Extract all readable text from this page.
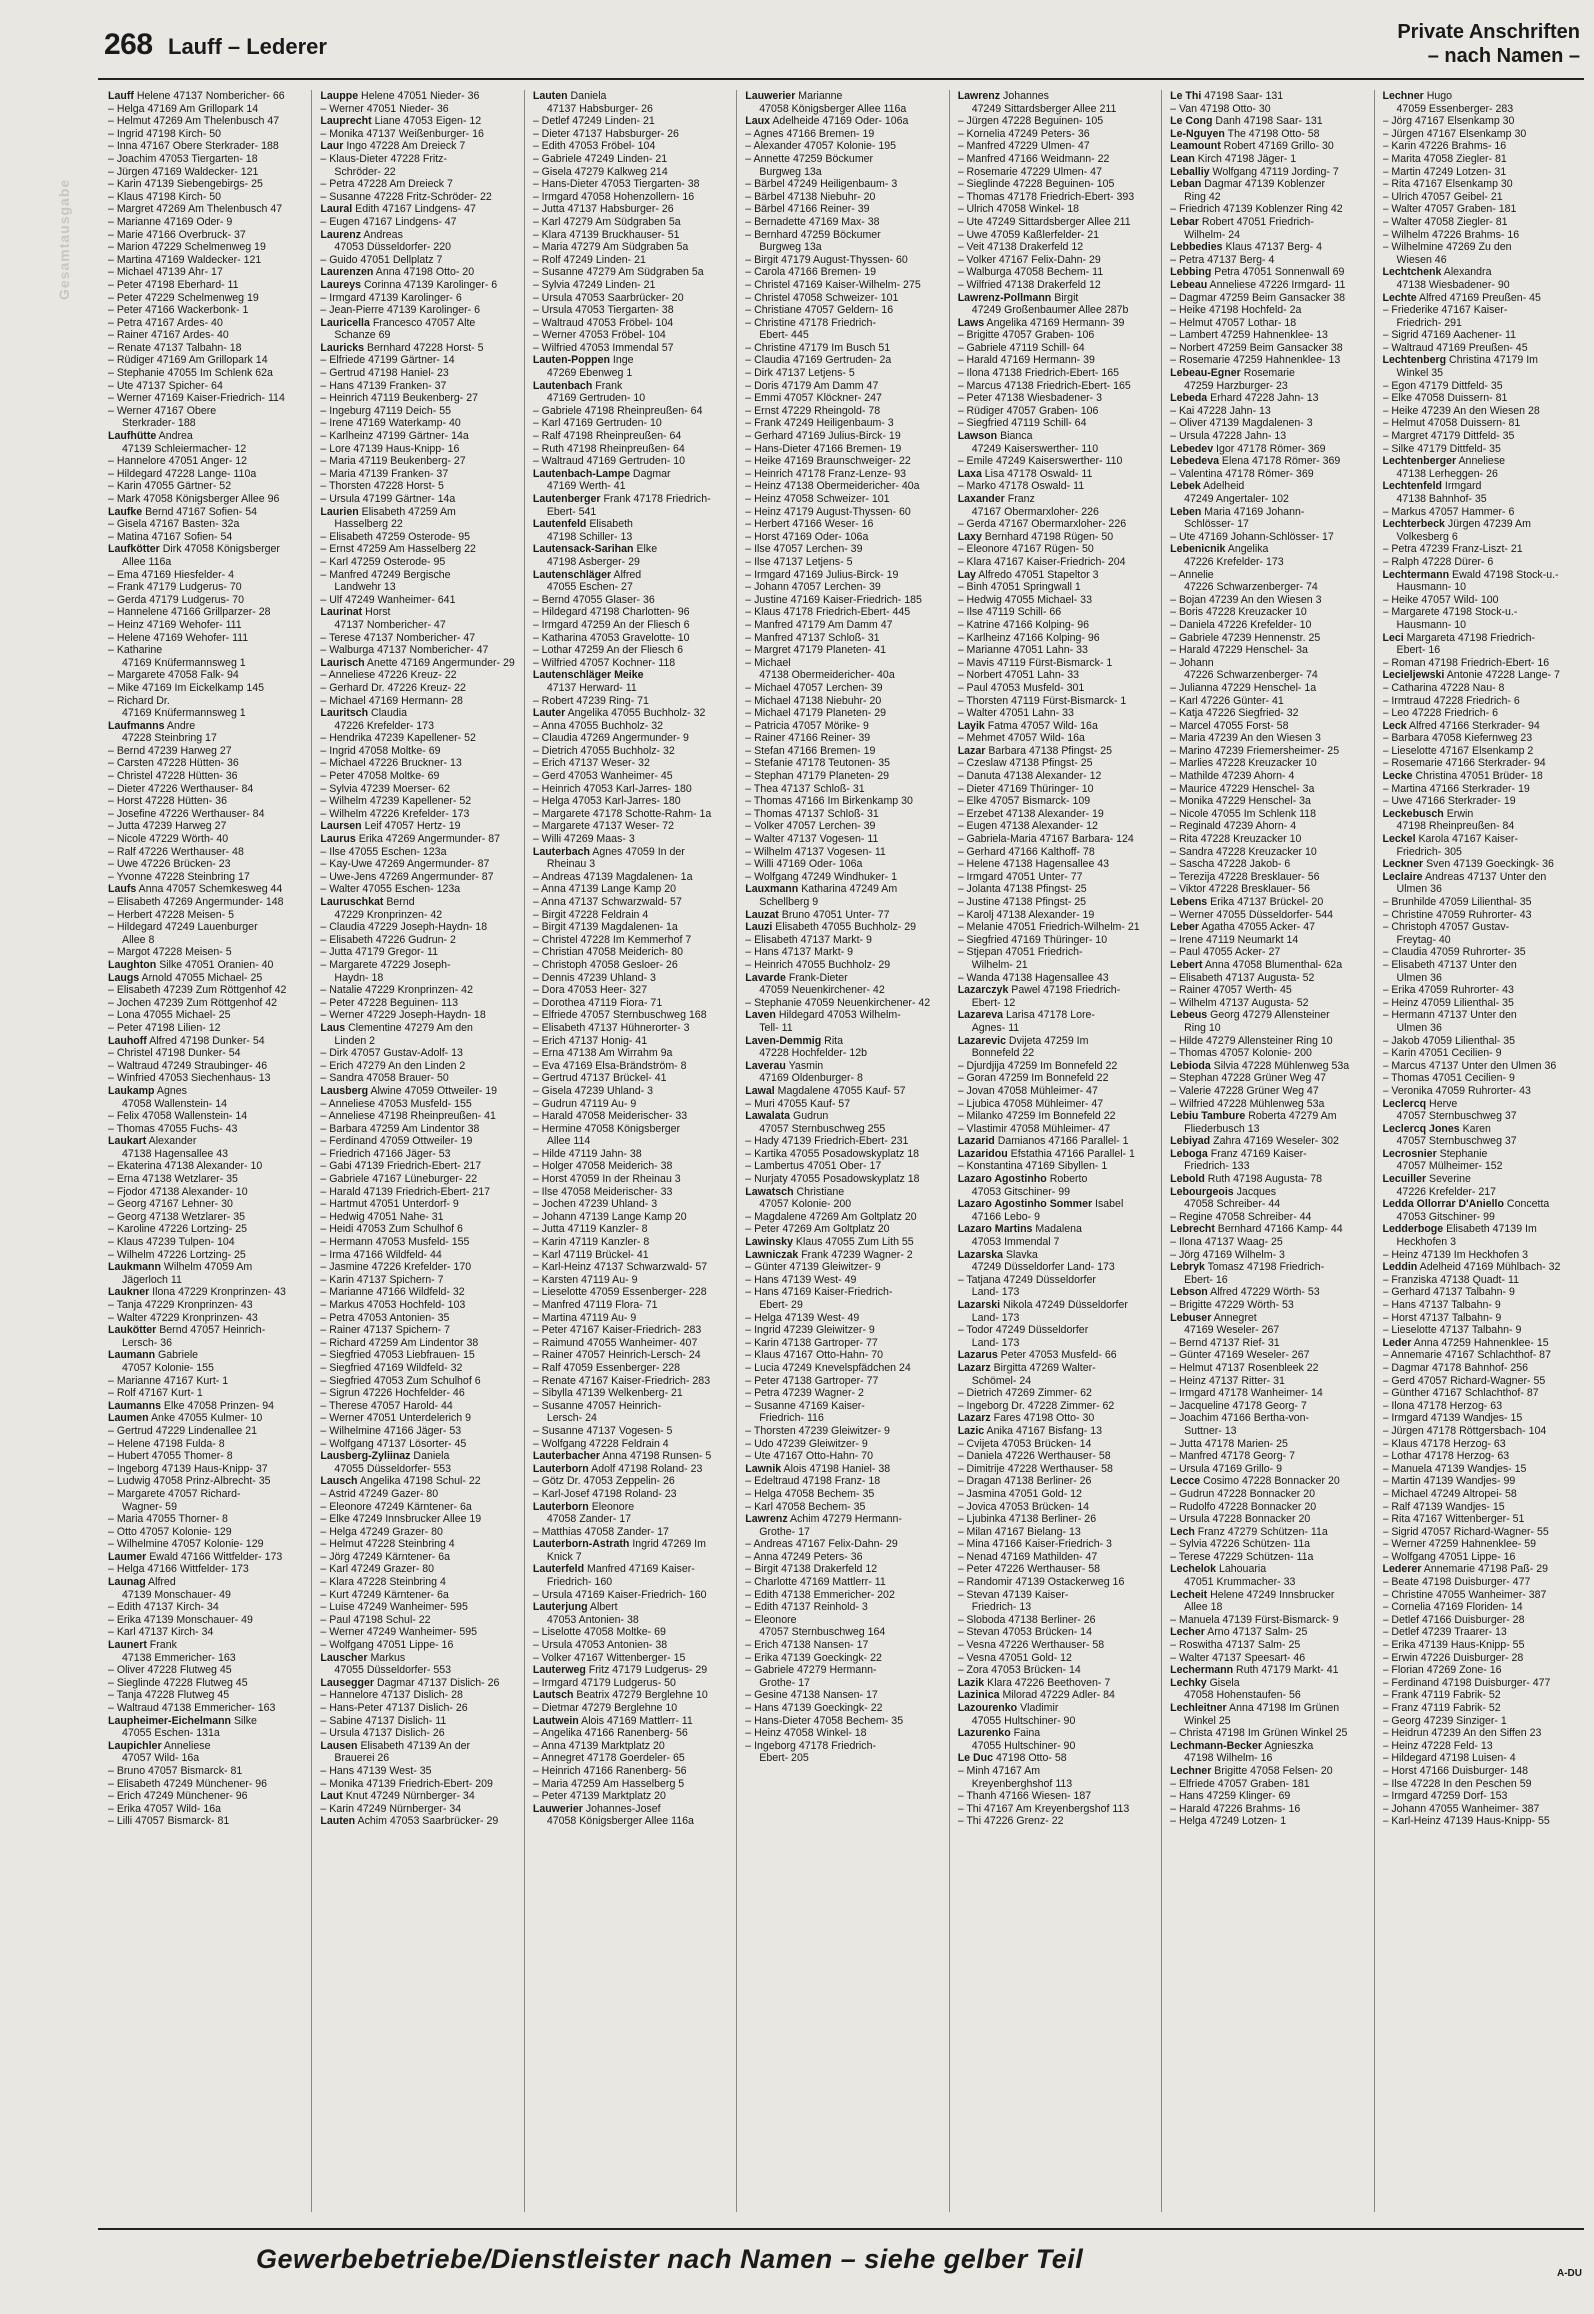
268 Lauff – Lederer
Private Anschriften
– nach Namen –
Gesamtausgabe
Lauff Helene 47137 Nombericher- 66
– Helga 47169 Am Grillopark 14
– Helmut 47269 Am Thelenbusch 47
– Ingrid 47198 Kirch- 50
– Inna 47167 Obere Sterkrader- 188
– Joachim 47053 Tiergarten- 18
– Jürgen 47169 Waldecker- 121
– Karin 47139 Siebengebirgs- 25
– Klaus 47198 Kirch- 50
– Margret 47269 Am Thelenbusch 47
– Marianne 47169 Oder- 9
– Marie 47166 Overbruck- 37
– Marion 47229 Schelmenweg 19
– Martina 47169 Waldecker- 121
– Michael 47139 Ahr- 17
– Peter 47198 Eberhard- 11
– Peter 47229 Schelmenweg 19
– Peter 47166 Wackerbonk- 1
– Petra 47167 Ardes- 40
– Rainer 47167 Ardes- 40
– Renate 47137 Talbahn- 18
– Rüdiger 47169 Am Grillopark 14
– Stephanie 47055 Im Schlenk 62a
– Ute 47137 Spicher- 64
– Werner 47169 Kaiser-Friedrich- 114
– Werner 47167 Obere
Sterkrader- 188
Laufhütte Andrea
47139 Schleiermacher- 12
– Hannelore 47051 Anger- 12
– Hildegard 47228 Lange- 110a
– Karin 47055 Gärtner- 52
– Mark 47058 Königsberger Allee 96
Laufke Bernd 47167 Sofien- 54
– Gisela 47167 Basten- 32a
– Matina 47167 Sofien- 54
Laufkötter Dirk 47058 Königsberger
Allee 116a
– Ema 47169 Hiesfelder- 4
– Frank 47179 Ludgerus- 70
– Gerda 47179 Ludgerus- 70
– Hannelene 47166 Grillparzer- 28
– Heinz 47169 Wehofer- 111
– Helene 47169 Wehofer- 111
– Katharine
47169 Knüfermannsweg 1
– Margarete 47058 Falk- 94
– Mike 47169 Im Eickelkamp 145
– Richard Dr.
47169 Knüfermannsweg 1
Laufmanns Andre
47228 Steinbring 17
– Bernd 47239 Harweg 27
– Carsten 47228 Hütten- 36
– Christel 47228 Hütten- 36
– Dieter 47226 Werthauser- 84
– Horst 47228 Hütten- 36
– Josefine 47226 Werthauser- 84
– Jutta 47239 Harweg 27
– Nicole 47229 Wörth- 40
– Ralf 47226 Werthauser- 48
– Uwe 47226 Brücken- 23
– Yvonne 47228 Steinbring 17
Laufs Anna 47057 Schemkesweg 44
– Elisabeth 47269 Angermunder- 148
– Herbert 47228 Meisen- 5
– Hildegard 47249 Lauenburger
Allee 8
– Margot 47228 Meisen- 5
Laughton Silke 47051 Oranien- 40
Laugs Arnold 47055 Michael- 25
– Elisabeth 47239 Zum Röttgenhof 42
– Jochen 47239 Zum Röttgenhof 42
– Lona 47055 Michael- 25
– Peter 47198 Lilien- 12
Lauhoff Alfred 47198 Dunker- 54
– Christel 47198 Dunker- 54
– Waltraud 47249 Straubinger- 46
– Winfried 47053 Siechenhaus- 13
Laukamp Agnes
47058 Wallenstein- 14
– Felix 47058 Wallenstein- 14
– Thomas 47055 Fuchs- 43
Laukart Alexander
47138 Hagensallee 43
– Ekaterina 47138 Alexander- 10
– Erna 47138 Wetzlarer- 35
– Fjodor 47138 Alexander- 10
– Georg 47167 Lehner- 30
– Georg 47138 Wetzlarer- 35
– Karoline 47226 Lortzing- 25
– Klaus 47239 Tulpen- 104
– Wilhelm 47226 Lortzing- 25
Laukmann Wilhelm 47059 Am
Jägerloch 11
Laukner Ilona 47229 Kronprinzen- 43
– Tanja 47229 Kronprinzen- 43
– Walter 47229 Kronprinzen- 43
Laukötter Bernd 47057 Heinrich-
Lersch- 36
Laumann Gabriele
47057 Kolonie- 155
– Marianne 47167 Kurt- 1
– Rolf 47167 Kurt- 1
Laumanns Elke 47058 Prinzen- 94
Laumen Anke 47055 Kulmer- 10
– Gertrud 47229 Lindenallee 21
– Helene 47198 Fulda- 8
– Hubert 47055 Thomer- 8
– Ingeborg 47139 Haus-Knipp- 37
– Ludwig 47058 Prinz-Albrecht- 35
– Margarete 47057 Richard-
Wagner- 59
– Maria 47055 Thorner- 8
– Otto 47057 Kolonie- 129
– Wilhelmine 47057 Kolonie- 129
Laumer Ewald 47166 Wittfelder- 173
– Helga 47166 Wittfelder- 173
Launag Alfred
47139 Monschauer- 49
– Edith 47137 Kirch- 34
– Erika 47139 Monschauer- 49
– Karl 47137 Kirch- 34
Launert Frank
47138 Emmericher- 163
– Oliver 47228 Flutweg 45
– Sieglinde 47228 Flutweg 45
– Tanja 47228 Flutweg 45
– Waltraud 47138 Emmericher- 163
Laupheimer-Eichelmann Silke
47055 Eschen- 131a
Laupichler Anneliese
47057 Wild- 16a
– Bruno 47057 Bismarck- 81
– Elisabeth 47249 Münchener- 96
– Erich 47249 Münchener- 96
– Erika 47057 Wild- 16a
– Lilli 47057 Bismarck- 81
Lauppe Helene 47051 Nieder- 36
– Werner 47051 Nieder- 36
Lauprecht Liane 47053 Eigen- 12
– Monika 47137 Weißenburger- 16
Laur Ingo 47228 Am Dreieck 7
– Klaus-Dieter 47228 Fritz-
Schröder- 22
– Petra 47228 Am Dreieck 7
– Susanne 47228 Fritz-Schröder- 22
Laural Edith 47167 Lindgens- 47
– Eugen 47167 Lindgens- 47
Laurenz Andreas
47053 Düsseldorfer- 220
– Guido 47051 Dellplatz 7
Laurenzen Anna 47198 Otto- 20
Laureys Corinna 47139 Karolinger- 6
– Irmgard 47139 Karolinger- 6
– Jean-Pierre 47139 Karolinger- 6
Lauricella Francesco 47057 Alte
Schanze 69
Lauricks Bernhard 47228 Horst- 5
– Elfriede 47199 Gärtner- 14
– Gertrud 47198 Haniel- 23
– Hans 47139 Franken- 37
– Heinrich 47119 Beukenberg- 27
– Ingeburg 47119 Deich- 55
– Irene 47169 Waterkamp- 40
– Karlheinz 47199 Gärtner- 14a
– Lore 47139 Haus-Knipp- 16
– Maria 47119 Beukenberg- 27
– Maria 47139 Franken- 37
– Thorsten 47228 Horst- 5
– Ursula 47199 Gärtner- 14a
Laurien Elisabeth 47259 Am
Hasselberg 22
– Elisabeth 47259 Osterode- 95
– Ernst 47259 Am Hasselberg 22
– Karl 47259 Osterode- 95
– Manfred 47249 Bergische
Landwehr 13
– Ulf 47249 Wanheimer- 641
Laurinat Horst
47137 Nombericher- 47
– Terese 47137 Nombericher- 47
– Walburga 47137 Nombericher- 47
Laurisch Anette 47169 Angermunder- 29
– Anneliese 47226 Kreuz- 22
– Gerhard Dr. 47226 Kreuz- 22
– Michael 47169 Hermann- 28
Lauritsch Claudia
47226 Krefelder- 173
– Hendrika 47239 Kapellener- 52
– Ingrid 47058 Moltke- 69
– Michael 47226 Bruckner- 13
– Peter 47058 Moltke- 69
– Sylvia 47239 Moerser- 62
– Wilhelm 47239 Kapellener- 52
– Wilhelm 47226 Krefelder- 173
Laursen Leif 47057 Hertz- 19
Laurus Erika 47269 Angermunder- 87
– Ilse 47055 Eschen- 123a
– Kay-Uwe 47269 Angermunder- 87
– Uwe-Jens 47269 Angermunder- 87
– Walter 47055 Eschen- 123a
Lauruschkat Bernd
47229 Kronprinzen- 42
– Claudia 47229 Joseph-Haydn- 18
– Elisabeth 47226 Gudrun- 2
– Jutta 47179 Gregor- 11
– Margarete 47229 Joseph-
Haydn- 18
– Natalie 47229 Kronprinzen- 42
– Peter 47228 Beguinen- 113
– Werner 47229 Joseph-Haydn- 18
Laus Clementine 47279 Am den
Linden 2
– Dirk 47057 Gustav-Adolf- 13
– Erich 47279 An den Linden 2
– Sandra 47058 Brauer- 50
Lausberg Alwine 47059 Ottweiler- 19
– Anneliese 47053 Musfeld- 155
– Anneliese 47198 Rheinpreußen- 41
– Barbara 47259 Am Lindentor 38
– Ferdinand 47059 Ottweiler- 19
– Friedrich 47166 Jäger- 53
– Gabi 47139 Friedrich-Ebert- 217
– Gabriele 47167 Lüneburger- 22
– Harald 47139 Friedrich-Ebert- 217
– Hartmut 47051 Unterdorf- 9
– Hedwig 47051 Nahe- 31
– Heidi 47053 Zum Schulhof 6
– Hermann 47053 Musfeld- 155
– Irma 47166 Wildfeld- 44
– Jasmine 47226 Krefelder- 170
– Karin 47137 Spichern- 7
– Marianne 47166 Wildfeld- 32
– Markus 47053 Hochfeld- 103
– Petra 47053 Antonien- 35
– Rainer 47137 Spichern- 7
– Richard 47259 Am Lindentor 38
– Siegfried 47053 Liebfrauen- 15
– Siegfried 47169 Wildfeld- 32
– Siegfried 47053 Zum Schulhof 6
– Sigrun 47226 Hochfelder- 46
– Therese 47057 Harold- 44
– Werner 47051 Unterdelerich 9
– Wilhelmine 47166 Jäger- 53
– Wolfgang 47137 Lösorter- 45
Lausberg-Zyliinaz Daniela
47055 Düsseldorfer- 553
Lausch Angelika 47198 Schul- 22
– Astrid 47249 Gazer- 80
– Eleonore 47249 Kärntener- 6a
– Elke 47249 Innsbrucker Allee 19
– Helga 47249 Grazer- 80
– Helmut 47228 Steinbring 4
– Jörg 47249 Kärntener- 6a
– Karl 47249 Grazer- 80
– Klara 47228 Steinbring 4
– Kurt 47249 Kärntener- 6a
– Luise 47249 Wanheimer- 595
– Paul 47198 Schul- 22
– Werner 47249 Wanheimer- 595
– Wolfgang 47051 Lippe- 16
Lauscher Markus
47055 Düsseldorfer- 553
Lausegger Dagmar 47137 Dislich- 26
– Hannelore 47137 Dislich- 28
– Hans-Peter 47137 Dislich- 26
– Sabine 47137 Dislich- 11
– Ursula 47137 Dislich- 26
Lausen Elisabeth 47139 An der
Brauerei 26
– Hans 47139 West- 35
– Monika 47139 Friedrich-Ebert- 209
Laut Knut 47249 Nürnberger- 34
– Karin 47249 Nürnberger- 34
Lauten Achim 47053 Saarbrücker- 29
Lauten Daniela
47137 Habsburger- 26
– Detlef 47249 Linden- 21
– Dieter 47137 Habsburger- 26
– Edith 47053 Fröbel- 104
– Gabriele 47249 Linden- 21
– Gisela 47279 Kalkweg 214
– Hans-Dieter 47053 Tiergarten- 38
– Irmgard 47058 Hohenzollern- 16
– Jutta 47137 Habsburger- 26
– Karl 47279 Am Südgraben 5a
– Klara 47139 Bruckhauser- 51
– Maria 47279 Am Südgraben 5a
– Rolf 47249 Linden- 21
– Susanne 47279 Am Südgraben 5a
– Sylvia 47249 Linden- 21
– Ursula 47053 Saarbrücker- 20
– Ursula 47053 Tiergarten- 38
– Waltraud 47053 Fröbel- 104
– Werner 47053 Fröbel- 104
– Wilfried 47053 Immendal 57
Lauten-Poppen Inge
47269 Ebenweg 1
Lautenbach Frank
47169 Gertruden- 10
– Gabriele 47198 Rheinpreußen- 64
– Karl 47169 Gertruden- 10
– Ralf 47198 Rheinpreußen- 64
– Ruth 47198 Rheinpreußen- 64
– Waltraud 47169 Gertruden- 10
Lautenbach-Lampe Dagmar
47169 Werth- 41
Lautenberger Frank 47178 Friedrich-
Ebert- 541
Lautenfeld Elisabeth
47198 Schiller- 13
Lautensack-Sarihan Elke
47198 Asberger- 29
Lautenschläger Alfred
47055 Eschen- 27
– Bernd 47055 Glaser- 36
– Hildegard 47198 Charlotten- 96
– Irmgard 47259 An der Fliesch 6
– Katharina 47053 Gravelotte- 10
– Lothar 47259 An der Fliesch 6
– Wilfried 47057 Kochner- 118
Lautenschläger Meike
47137 Herward- 11
– Robert 47239 Ring- 71
Lauter Angelika 47055 Buchholz- 32
– Anna 47055 Buchholz- 32
– Claudia 47269 Angermunder- 9
– Dietrich 47055 Buchholz- 32
– Erich 47137 Weser- 32
– Gerd 47053 Wanheimer- 45
– Heinrich 47053 Karl-Jarres- 180
– Helga 47053 Karl-Jarres- 180
– Margarete 47178 Schotte-Rahm- 1a
– Margarete 47137 Weser- 72
– Willi 47269 Maas- 3
Lauterbach Agnes 47059 In der
Rheinau 3
– Andreas 47139 Magdalenen- 1a
– Anna 47139 Lange Kamp 20
– Anna 47137 Schwarzwald- 57
– Birgit 47228 Feldrain 4
– Birgit 47139 Magdalenen- 1a
– Christel 47228 Im Kemmerhof 7
– Christian 47058 Meiderich- 80
– Christoph 47058 Gesloer- 26
– Dennis 47239 Uhland- 3
– Dora 47053 Heer- 327
– Dorothea 47119 Fiora- 71
– Elfriede 47057 Sternbuschweg 168
– Elisabeth 47137 Hühnerorter- 3
– Erich 47137 Honig- 41
– Erna 47138 Am Wirrahm 9a
– Eva 47169 Elsa-Brändström- 8
– Gertrud 47137 Brückel- 41
– Gisela 47239 Uhland- 3
– Gudrun 47119 Au- 9
– Harald 47058 Meiderischer- 33
– Hermine 47058 Königsberger
Allee 114
– Hilde 47119 Jahn- 38
– Holger 47058 Meiderich- 38
– Horst 47059 In der Rheinau 3
– Ilse 47058 Meiderischer- 33
– Jochen 47239 Uhland- 3
– Johann 47139 Lange Kamp 20
– Jutta 47119 Kanzler- 8
– Karin 47119 Kanzler- 8
– Karl 47119 Brückel- 41
– Karl-Heinz 47137 Schwarzwald- 57
– Karsten 47119 Au- 9
– Lieselotte 47059 Essenberger- 228
– Manfred 47119 Flora- 71
– Martina 47119 Au- 9
– Peter 47167 Kaiser-Friedrich- 283
– Raimund 47055 Wanheimer- 407
– Rainer 47057 Heinrich-Lersch- 24
– Ralf 47059 Essenberger- 228
– Renate 47167 Kaiser-Friedrich- 283
– Sibylla 47139 Welkenberg- 21
– Susanne 47057 Heinrich-
Lersch- 24
– Susanne 47137 Vogesen- 5
– Wolfgang 47228 Feldrain 4
Lauterbacher Anna 47198 Runsen- 5
Lauterborn Adolf 47198 Roland- 23
– Götz Dr. 47053 Zeppelin- 26
– Karl-Josef 47198 Roland- 23
Lauterborn Eleonore
47058 Zander- 17
– Matthias 47058 Zander- 17
Lauterborn-Astrath Ingrid 47269 Im
Knick 7
Lauterfeld Manfred 47169 Kaiser-
Friedrich- 160
– Ursula 47169 Kaiser-Friedrich- 160
Lauterjung Albert
47053 Antonien- 38
– Liselotte 47058 Moltke- 69
– Ursula 47053 Antonien- 38
– Volker 47167 Wittenberger- 15
Lauterweg Fritz 47179 Ludgerus- 29
– Irmgard 47179 Ludgerus- 50
Lautsch Beatrix 47279 Berglehne 10
– Dietmar 47279 Berglehne 10
Lautwein Alois 47169 Mattlerr- 11
– Angelika 47166 Ranenberg- 56
– Anna 47139 Marktplatz 20
– Annegret 47178 Goerdeler- 65
– Heinrich 47166 Ranenberg- 56
– Maria 47259 Am Hasselberg 5
– Peter 47139 Marktplatz 20
Lauwerier Johannes-Josef
47058 Königsberger Allee 116a
Lauwerier Marianne
47058 Königsberger Allee 116a
Laux Adelheide 47169 Oder- 106a
– Agnes 47166 Bremen- 19
– Alexander 47057 Kolonie- 195
– Annette 47259 Böckumer
Burgweg 13a
– Bärbel 47249 Heiligenbaum- 3
– Bärbel 47138 Niebuhr- 20
– Bärbel 47166 Reiner- 39
– Bernadette 47169 Max- 38
– Bernhard 47259 Böckumer
Burgweg 13a
– Birgit 47179 August-Thyssen- 60
– Carola 47166 Bremen- 19
– Christel 47169 Kaiser-Wilhelm- 275
– Christel 47058 Schweizer- 101
– Christiane 47057 Geldern- 16
– Christine 47178 Friedrich-
Ebert- 445
– Christine 47179 Im Busch 51
– Claudia 47169 Gertruden- 2a
– Dirk 47137 Letjens- 5
– Doris 47179 Am Damm 47
– Emmi 47057 Klöckner- 247
– Ernst 47229 Rheingold- 78
– Frank 47249 Heiligenbaum- 3
– Gerhard 47169 Julius-Birck- 19
– Hans-Dieter 47166 Bremen- 19
– Heike 47169 Braunschweiger- 22
– Heinrich 47178 Franz-Lenze- 93
– Heinz 47138 Obermeidericher- 40a
– Heinz 47058 Schweizer- 101
– Heinz 47179 August-Thyssen- 60
– Herbert 47166 Weser- 16
– Horst 47169 Oder- 106a
– Ilse 47057 Lerchen- 39
– Ilse 47137 Letjens- 5
– Irmgard 47169 Julius-Birck- 19
– Johann 47057 Lerchen- 39
– Justine 47169 Kaiser-Friedrich- 185
– Klaus 47178 Friedrich-Ebert- 445
– Manfred 47179 Am Damm 47
– Manfred 47137 Schloß- 31
– Margret 47179 Planeten- 41
– Michael
47138 Obermeidericher- 40a
– Michael 47057 Lerchen- 39
– Michael 47138 Niebuhr- 20
– Michael 47179 Planeten- 29
– Patricia 47057 Mörike- 9
– Rainer 47166 Reiner- 39
– Stefan 47166 Bremen- 19
– Stefanie 47178 Teutonen- 35
– Stephan 47179 Planeten- 29
– Thea 47137 Schloß- 31
– Thomas 47166 Im Birkenkamp 30
– Thomas 47137 Schloß- 31
– Volker 47057 Lerchen- 39
– Walter 47137 Vogesen- 11
– Wilhelm 47137 Vogesen- 11
– Willi 47169 Oder- 106a
– Wolfgang 47249 Windhuker- 1
Lauxmann Katharina 47249 Am
Schellberg 9
Lauzat Bruno 47051 Unter- 77
Lauzi Elisabeth 47055 Buchholz- 29
– Elisabeth 47137 Markt- 9
– Hans 47137 Markt- 9
– Heinrich 47055 Buchholz- 29
Lavarde Frank-Dieter
47059 Neuenkirchener- 42
– Stephanie 47059 Neuenkirchener- 42
Laven Hildegard 47053 Wilhelm-
Tell- 11
Laven-Demmig Rita
47228 Hochfelder- 12b
Laverau Yasmin
47169 Oldenburger- 8
Lawal Magdalene 47055 Kauf- 57
– Muri 47055 Kauf- 57
Lawalata Gudrun
47057 Sternbuschweg 255
– Hady 47139 Friedrich-Ebert- 231
– Kartika 47055 Posadowskyplatz 18
– Lambertus 47051 Ober- 17
– Nurjaty 47055 Posadowskyplatz 18
Lawatsch Christiane
47057 Kolonie- 200
– Magdalene 47269 Am Goltplatz 20
– Peter 47269 Am Goltplatz 20
Lawinsky Klaus 47055 Zum Lith 55
Lawniczak Frank 47239 Wagner- 2
– Günter 47139 Gleiwitzer- 9
– Hans 47139 West- 49
– Hans 47169 Kaiser-Friedrich-
Ebert- 29
– Helga 47139 West- 49
– Ingrid 47239 Gleiwitzer- 9
– Karin 47138 Gartroper- 77
– Klaus 47167 Otto-Hahn- 70
– Lucia 47249 Knevelspfädchen 24
– Peter 47138 Gartroper- 77
– Petra 47239 Wagner- 2
– Susanne 47169 Kaiser-
Friedrich- 116
– Thorsten 47239 Gleiwitzer- 9
– Udo 47239 Gleiwitzer- 9
– Ute 47167 Otto-Hahn- 70
Lawnik Alois 47198 Haniel- 38
– Edeltraud 47198 Franz- 18
– Helga 47058 Bechem- 35
– Karl 47058 Bechem- 35
Lawrenz Achim 47279 Hermann-
Grothe- 17
– Andreas 47167 Felix-Dahn- 29
– Anna 47249 Peters- 36
– Birgit 47138 Drakerfeld 12
– Charlotte 47169 Mattlerr- 11
– Edith 47138 Emmericher- 202
– Edith 47137 Reinhold- 3
– Eleonore
47057 Sternbuschweg 164
– Erich 47138 Nansen- 17
– Erika 47139 Goeckingk- 22
– Gabriele 47279 Hermann-
Grothe- 17
– Gesine 47138 Nansen- 17
– Hans 47139 Goeckingk- 22
– Hans-Dieter 47058 Bechem- 35
– Heinz 47058 Winkel- 18
– Ingeborg 47178 Friedrich-
Ebert- 205
Lawrenz Johannes
47249 Sittardsberger Allee 211
– Jürgen 47228 Beguinen- 105
– Kornelia 47249 Peters- 36
– Manfred 47229 Ulmen- 47
– Manfred 47166 Weidmann- 22
– Rosemarie 47229 Ulmen- 47
– Sieglinde 47228 Beguinen- 105
– Thomas 47178 Friedrich-Ebert- 393
– Ulrich 47058 Winkel- 18
– Ute 47249 Sittardsberger Allee 211
– Uwe 47059 Kaßlerfelder- 21
– Veit 47138 Drakerfeld 12
– Volker 47167 Felix-Dahn- 29
– Walburga 47058 Bechem- 11
– Wilfried 47138 Drakerfeld 12
Lawrenz-Pollmann Birgit
47249 Großenbaumer Allee 287b
Laws Angelika 47169 Hermann- 39
– Brigitte 47057 Graben- 106
– Gabriele 47119 Schill- 64
– Harald 47169 Hermann- 39
– Ilona 47138 Friedrich-Ebert- 165
– Marcus 47138 Friedrich-Ebert- 165
– Peter 47138 Wiesbadener- 3
– Rüdiger 47057 Graben- 106
– Siegfried 47119 Schill- 64
Lawson Bianca
47249 Kaiserswerther- 110
– Emile 47249 Kaiserswerther- 110
Laxa Lisa 47178 Oswald- 11
– Marko 47178 Oswald- 11
Laxander Franz
47167 Obermarxloher- 226
– Gerda 47167 Obermarxloher- 226
Laxy Bernhard 47198 Rügen- 50
– Eleonore 47167 Rügen- 50
– Klara 47167 Kaiser-Friedrich- 204
Lay Alfredo 47051 Stapeltor 3
– Binh 47051 Springwall 1
– Hedwig 47055 Michael- 33
– Ilse 47119 Schill- 66
– Katrine 47166 Kolping- 96
– Karlheinz 47166 Kolping- 96
– Marianne 47051 Lahn- 33
– Mavis 47119 Fürst-Bismarck- 1
– Norbert 47051 Lahn- 33
– Paul 47053 Musfeld- 301
– Thorsten 47119 Fürst-Bismarck- 1
– Walter 47051 Lahn- 33
Layik Fatma 47057 Wild- 16a
– Mehmet 47057 Wild- 16a
Lazar Barbara 47138 Pfingst- 25
– Czeslaw 47138 Pfingst- 25
– Danuta 47138 Alexander- 12
– Dieter 47169 Thüringer- 10
– Elke 47057 Bismarck- 109
– Erzebet 47138 Alexander- 19
– Eugen 47138 Alexander- 12
– Gabriela-Maria 47167 Barbara- 124
– Gerhard 47166 Kalthoff- 78
– Helene 47138 Hagensallee 43
– Irmgard 47051 Unter- 77
– Jolanta 47138 Pfingst- 25
– Justine 47138 Pfingst- 25
– Karolj 47138 Alexander- 19
– Melanie 47051 Friedrich-Wilhelm- 21
– Siegfried 47169 Thüringer- 10
– Stjepan 47051 Friedrich-
Wilhelm- 21
– Wanda 47138 Hagensallee 43
Lazarczyk Pawel 47198 Friedrich-
Ebert- 12
Lazareva Larisa 47178 Lore-
Agnes- 11
Lazarevic Dvijeta 47259 Im
Bonnefeld 22
– Djurdjija 47259 Im Bonnefeld 22
– Goran 47259 Im Bonnefeld 22
– Jovan 47058 Mühleimer- 47
– Ljubica 47058 Mühleimer- 47
– Milanko 47259 Im Bonnefeld 22
– Vlastimir 47058 Mühleimer- 47
Lazarid Damianos 47166 Parallel- 1
Lazaridou Efstathia 47166 Parallel- 1
– Konstantina 47169 Sibyllen- 1
Lazaro Agostinho Roberto
47053 Gitschiner- 99
Lazaro Agostinho Sommer Isabel
47166 Lebo- 9
Lazaro Martins Madalena
47053 Immendal 7
Lazarska Slavka
47249 Düsseldorfer Land- 173
– Tatjana 47249 Düsseldorfer
Land- 173
Lazarski Nikola 47249 Düsseldorfer
Land- 173
– Todor 47249 Düsseldorfer
Land- 173
Lazarus Peter 47053 Musfeld- 66
Lazarz Birgitta 47269 Walter-
Schömel- 24
– Dietrich 47269 Zimmer- 62
– Ingeborg Dr. 47228 Zimmer- 62
Lazarz Fares 47198 Otto- 30
Lazic Anika 47167 Bisfang- 13
– Cvijeta 47053 Brücken- 14
– Daniela 47226 Werthauser- 58
– Dimitrije 47228 Werthauser- 58
– Dragan 47138 Berliner- 26
– Jasmina 47051 Gold- 12
– Jovica 47053 Brücken- 14
– Ljubinka 47138 Berliner- 26
– Milan 47167 Bielang- 13
– Mina 47166 Kaiser-Friedrich- 3
– Nenad 47169 Mathilden- 47
– Peter 47226 Werthauser- 58
– Randomir 47139 Ostackerweg 16
– Stevan 47139 Kaiser-
Friedrich- 13
– Sloboda 47138 Berliner- 26
– Stevan 47053 Brücken- 14
– Vesna 47226 Werthauser- 58
– Vesna 47051 Gold- 12
– Zora 47053 Brücken- 14
Lazik Klara 47226 Beethoven- 7
Lazinica Milorad 47229 Adler- 84
Lazourenko Vladimir
47055 Hultschiner- 90
Lazurenko Faina
47055 Hultschiner- 90
Le Duc 47198 Otto- 58
– Minh 47167 Am
Kreyenberghshof 113
– Thanh 47166 Wiesen- 187
– Thi 47167 Am Kreyenbergshof 113
– Thi 47226 Grenz- 22
Le Thi 47198 Saar- 131
– Van 47198 Otto- 30
Le Cong Danh 47198 Saar- 131
Le-Nguyen The 47198 Otto- 58
Leamount Robert 47169 Grillo- 30
Lean Kirch 47198 Jäger- 1
Leballiy Wolfgang 47119 Jording- 7
Leban Dagmar 47139 Koblenzer
Ring 42
– Friedrich 47139 Koblenzer Ring 42
Lebar Robert 47051 Friedrich-
Wilhelm- 24
Lebbedies Klaus 47137 Berg- 4
– Petra 47137 Berg- 4
Lebbing Petra 47051 Sonnenwall 69
Lebeau Anneliese 47226 Irmgard- 11
– Dagmar 47259 Beim Gansacker 38
– Heike 47198 Hochfeld- 2a
– Helmut 47057 Lothar- 18
– Lambert 47259 Hahnenklee- 13
– Norbert 47259 Beim Gansacker 38
– Rosemarie 47259 Hahnenklee- 13
Lebeau-Egner Rosemarie
47259 Harzburger- 23
Lebeda Erhard 47228 Jahn- 13
– Kai 47228 Jahn- 13
– Oliver 47139 Magdalenen- 3
– Ursula 47228 Jahn- 13
Lebedev Igor 47178 Römer- 369
Lebedeva Elena 47178 Römer- 369
– Valentina 47178 Römer- 369
Lebek Adelheid
47249 Angertaler- 102
Leben Maria 47169 Johann-
Schlösser- 17
– Ute 47169 Johann-Schlösser- 17
Lebenicnik Angelika
47226 Krefelder- 173
– Annelie
47226 Schwarzenberger- 74
– Bojan 47239 An den Wiesen 3
– Boris 47228 Kreuzacker 10
– Daniela 47226 Krefelder- 10
– Gabriele 47239 Hennenstr. 25
– Harald 47229 Henschel- 3a
– Johann
47226 Schwarzenberger- 74
– Julianna 47229 Henschel- 1a
– Karl 47226 Günter- 41
– Katja 47226 Siegfried- 32
– Marcel 47055 Forst- 58
– Maria 47239 An den Wiesen 3
– Marino 47239 Friemersheimer- 25
– Marlies 47228 Kreuzacker 10
– Mathilde 47239 Ahorn- 4
– Maurice 47229 Henschel- 3a
– Monika 47229 Henschel- 3a
– Nicole 47055 Im Schlenk 118
– Reginald 47239 Ahorn- 4
– Rita 47228 Kreuzacker 10
– Sandra 47228 Kreuzacker 10
– Sascha 47228 Jakob- 6
– Terezija 47228 Bresklauer- 56
– Viktor 47228 Bresklauer- 56
Lebens Erika 47137 Brückel- 20
– Werner 47055 Düsseldorfer- 544
Leber Agatha 47055 Acker- 47
– Irene 47119 Neumarkt 14
– Paul 47055 Acker- 27
Lebert Anna 47058 Blumenthal- 62a
– Elisabeth 47137 Augusta- 52
– Rainer 47057 Werth- 45
– Wilhelm 47137 Augusta- 52
Lebeus Georg 47279 Allensteiner
Ring 10
– Hilde 47279 Allensteiner Ring 10
– Thomas 47057 Kolonie- 200
Lebioda Silvia 47228 Mühlenweg 53a
– Stephan 47228 Grüner Weg 47
– Valerie 47228 Grüner Weg 47
– Wilfried 47228 Mühlenweg 53a
Lebiu Tambure Roberta 47279 Am
Fliederbusch 13
Lebiyad Zahra 47169 Weseler- 302
Leboga Franz 47169 Kaiser-
Friedrich- 133
Lebold Ruth 47198 Augusta- 78
Lebourgeois Jacques
47058 Schreiber- 44
– Regine 47058 Schreiber- 44
Lebrecht Bernhard 47166 Kamp- 44
– Ilona 47137 Waag- 25
– Jörg 47169 Wilhelm- 3
Lebryk Tomasz 47198 Friedrich-
Ebert- 16
Lebson Alfred 47229 Wörth- 53
– Brigitte 47229 Wörth- 53
Lebuser Annegret
47169 Weseler- 267
– Bernd 47137 Rief- 31
– Günter 47169 Weseler- 267
– Helmut 47137 Rosenbleek 22
– Heinz 47137 Ritter- 31
– Irmgard 47178 Wanheimer- 14
– Jacqueline 47178 Georg- 7
– Joachim 47166 Bertha-von-
Suttner- 13
– Jutta 47178 Marien- 25
– Manfred 47178 Georg- 7
– Ursula 47169 Grillo- 9
Lecce Cosimo 47228 Bonnacker 20
– Gudrun 47228 Bonnacker 20
– Rudolfo 47228 Bonnacker 20
– Ursula 47228 Bonnacker 20
Lech Franz 47279 Schützen- 11a
– Sylvia 47226 Schützen- 11a
– Terese 47229 Schützen- 11a
Lechelok Lahouaria
47051 Krummacher- 33
Lecheit Helene 47249 Innsbrucker
Allee 18
– Manuela 47139 Fürst-Bismarck- 9
Lecher Arno 47137 Salm- 25
– Roswitha 47137 Salm- 25
– Walter 47137 Speesart- 46
Lechermann Ruth 47179 Markt- 41
Lechky Gisela
47058 Hohenstaufen- 56
Lechleitner Anna 47198 Im Grünen
Winkel 25
– Christa 47198 Im Grünen Winkel 25
Lechmann-Becker Agnieszka
47198 Wilhelm- 16
Lechner Brigitte 47058 Felsen- 20
– Elfriede 47057 Graben- 181
– Hans 47259 Klinger- 69
– Harald 47226 Brahms- 16
– Helga 47249 Lotzen- 1
Lechner Hugo
47059 Essenberger- 283
– Jörg 47167 Elsenkamp 30
– Jürgen 47167 Elsenkamp 30
– Karin 47226 Brahms- 16
– Marita 47058 Ziegler- 81
– Martin 47249 Lotzen- 31
– Rita 47167 Elsenkamp 30
– Ulrich 47057 Geibel- 21
– Walter 47057 Graben- 181
– Walter 47058 Ziegler- 81
– Wilhelm 47226 Brahms- 16
– Wilhelmine 47269 Zu den
Wiesen 46
Lechtchenk Alexandra
47138 Wiesbadener- 90
Lechte Alfred 47169 Preußen- 45
– Friederike 47167 Kaiser-
Friedrich- 291
– Sigrid 47169 Aachener- 11
– Waltraud 47169 Preußen- 45
Lechtenberg Christina 47179 Im
Winkel 35
– Egon 47179 Dittfeld- 35
– Elke 47058 Duissern- 81
– Heike 47239 An den Wiesen 28
– Helmut 47058 Duissern- 81
– Margret 47179 Dittfeld- 35
– Silke 47179 Dittfeld- 35
Lechtenberger Anneliese
47138 Lerheggen- 26
Lechtenfeld Irmgard
47138 Bahnhof- 35
– Markus 47057 Hammer- 6
Lechterbeck Jürgen 47239 Am
Volkesberg 6
– Petra 47239 Franz-Liszt- 21
– Ralph 47228 Dürer- 6
Lechtermann Ewald 47198 Stock-u.-
Hausmann- 10
– Heike 47057 Wild- 100
– Margarete 47198 Stock-u.-
Hausmann- 10
Leci Margareta 47198 Friedrich-
Ebert- 16
– Roman 47198 Friedrich-Ebert- 16
Lecieljewski Antonie 47228 Lange- 7
– Catharina 47228 Nau- 8
– Irmtraud 47228 Friedrich- 6
– Leo 47228 Friedrich- 6
Leck Alfred 47166 Sterkrader- 94
– Barbara 47058 Kiefernweg 23
– Lieselotte 47167 Elsenkamp 2
– Rosemarie 47166 Sterkrader- 94
Lecke Christina 47051 Brüder- 18
– Martina 47166 Sterkrader- 19
– Uwe 47166 Sterkrader- 19
Leckebusch Erwin
47198 Rheinpreußen- 84
Leckel Karola 47167 Kaiser-
Friedrich- 305
Leckner Sven 47139 Goeckingk- 36
Leclaire Andreas 47137 Unter den
Ulmen 36
– Brunhilde 47059 Lilienthal- 35
– Christine 47059 Ruhrorter- 43
– Christoph 47057 Gustav-
Freytag- 40
– Claudia 47059 Ruhrorter- 35
– Elisabeth 47137 Unter den
Ulmen 36
– Erika 47059 Ruhrorter- 43
– Heinz 47059 Lilienthal- 35
– Hermann 47137 Unter den
Ulmen 36
– Jakob 47059 Lilienthal- 35
– Karin 47051 Cecilien- 9
– Marcus 47137 Unter den Ulmen 36
– Thomas 47051 Cecilien- 9
– Veronika 47059 Ruhrorter- 43
Leclercq Herve
47057 Sternbuschweg 37
Leclercq Jones Karen
47057 Sternbuschweg 37
Lecrosnier Stephanie
47057 Mülheimer- 152
Lecuiller Severine
47226 Krefelder- 217
Ledda Ollorrar D'Aniello Concetta
47053 Gitschiner- 99
Ledderboge Elisabeth 47139 Im
Heckhofen 3
– Heinz 47139 Im Heckhofen 3
Leddin Adelheid 47169 Mühlbach- 32
– Franziska 47138 Quadt- 11
– Gerhard 47137 Talbahn- 9
– Hans 47137 Talbahn- 9
– Horst 47137 Talbahn- 9
– Lieselotte 47137 Talbahn- 9
Leder Anna 47259 Hahnenklee- 15
– Annemarie 47167 Schlachthof- 87
– Dagmar 47178 Bahnhof- 256
– Gerd 47057 Richard-Wagner- 55
– Günther 47167 Schlachthof- 87
– Ilona 47178 Herzog- 63
– Irmgard 47139 Wandjes- 15
– Jürgen 47178 Röttgersbach- 104
– Klaus 47178 Herzog- 63
– Lothar 47178 Herzog- 63
– Manuela 47139 Wandjes- 15
– Martin 47139 Wandjes- 99
– Michael 47249 Altropei- 58
– Ralf 47139 Wandjes- 15
– Rita 47167 Wittenberger- 51
– Sigrid 47057 Richard-Wagner- 55
– Werner 47259 Hahnenklee- 59
– Wolfgang 47051 Lippe- 16
Lederer Annemarie 47198 Paß- 29
– Beate 47198 Duisburger- 477
– Christine 47055 Wanheimer- 387
– Cornelia 47169 Floriden- 14
– Detlef 47166 Duisburger- 28
– Detlef 47239 Traarer- 13
– Erika 47139 Haus-Knipp- 55
– Erwin 47226 Duisburger- 28
– Florian 47269 Zone- 16
– Ferdinand 47198 Duisburger- 477
– Frank 47119 Fabrik- 52
– Franz 47119 Fabrik- 52
– Georg 47239 Sinziger- 1
– Heidrun 47239 An den Siffen 23
– Heinz 47228 Feld- 13
– Hildegard 47198 Luisen- 4
– Horst 47166 Duisburger- 148
– Ilse 47228 In den Peschen 59
– Irmgard 47259 Dorf- 153
– Johann 47055 Wanheimer- 387
– Karl-Heinz 47139 Haus-Knipp- 55
Gewerbebetriebe/Dienstleister nach Namen – siehe gelber Teil	A-DU
